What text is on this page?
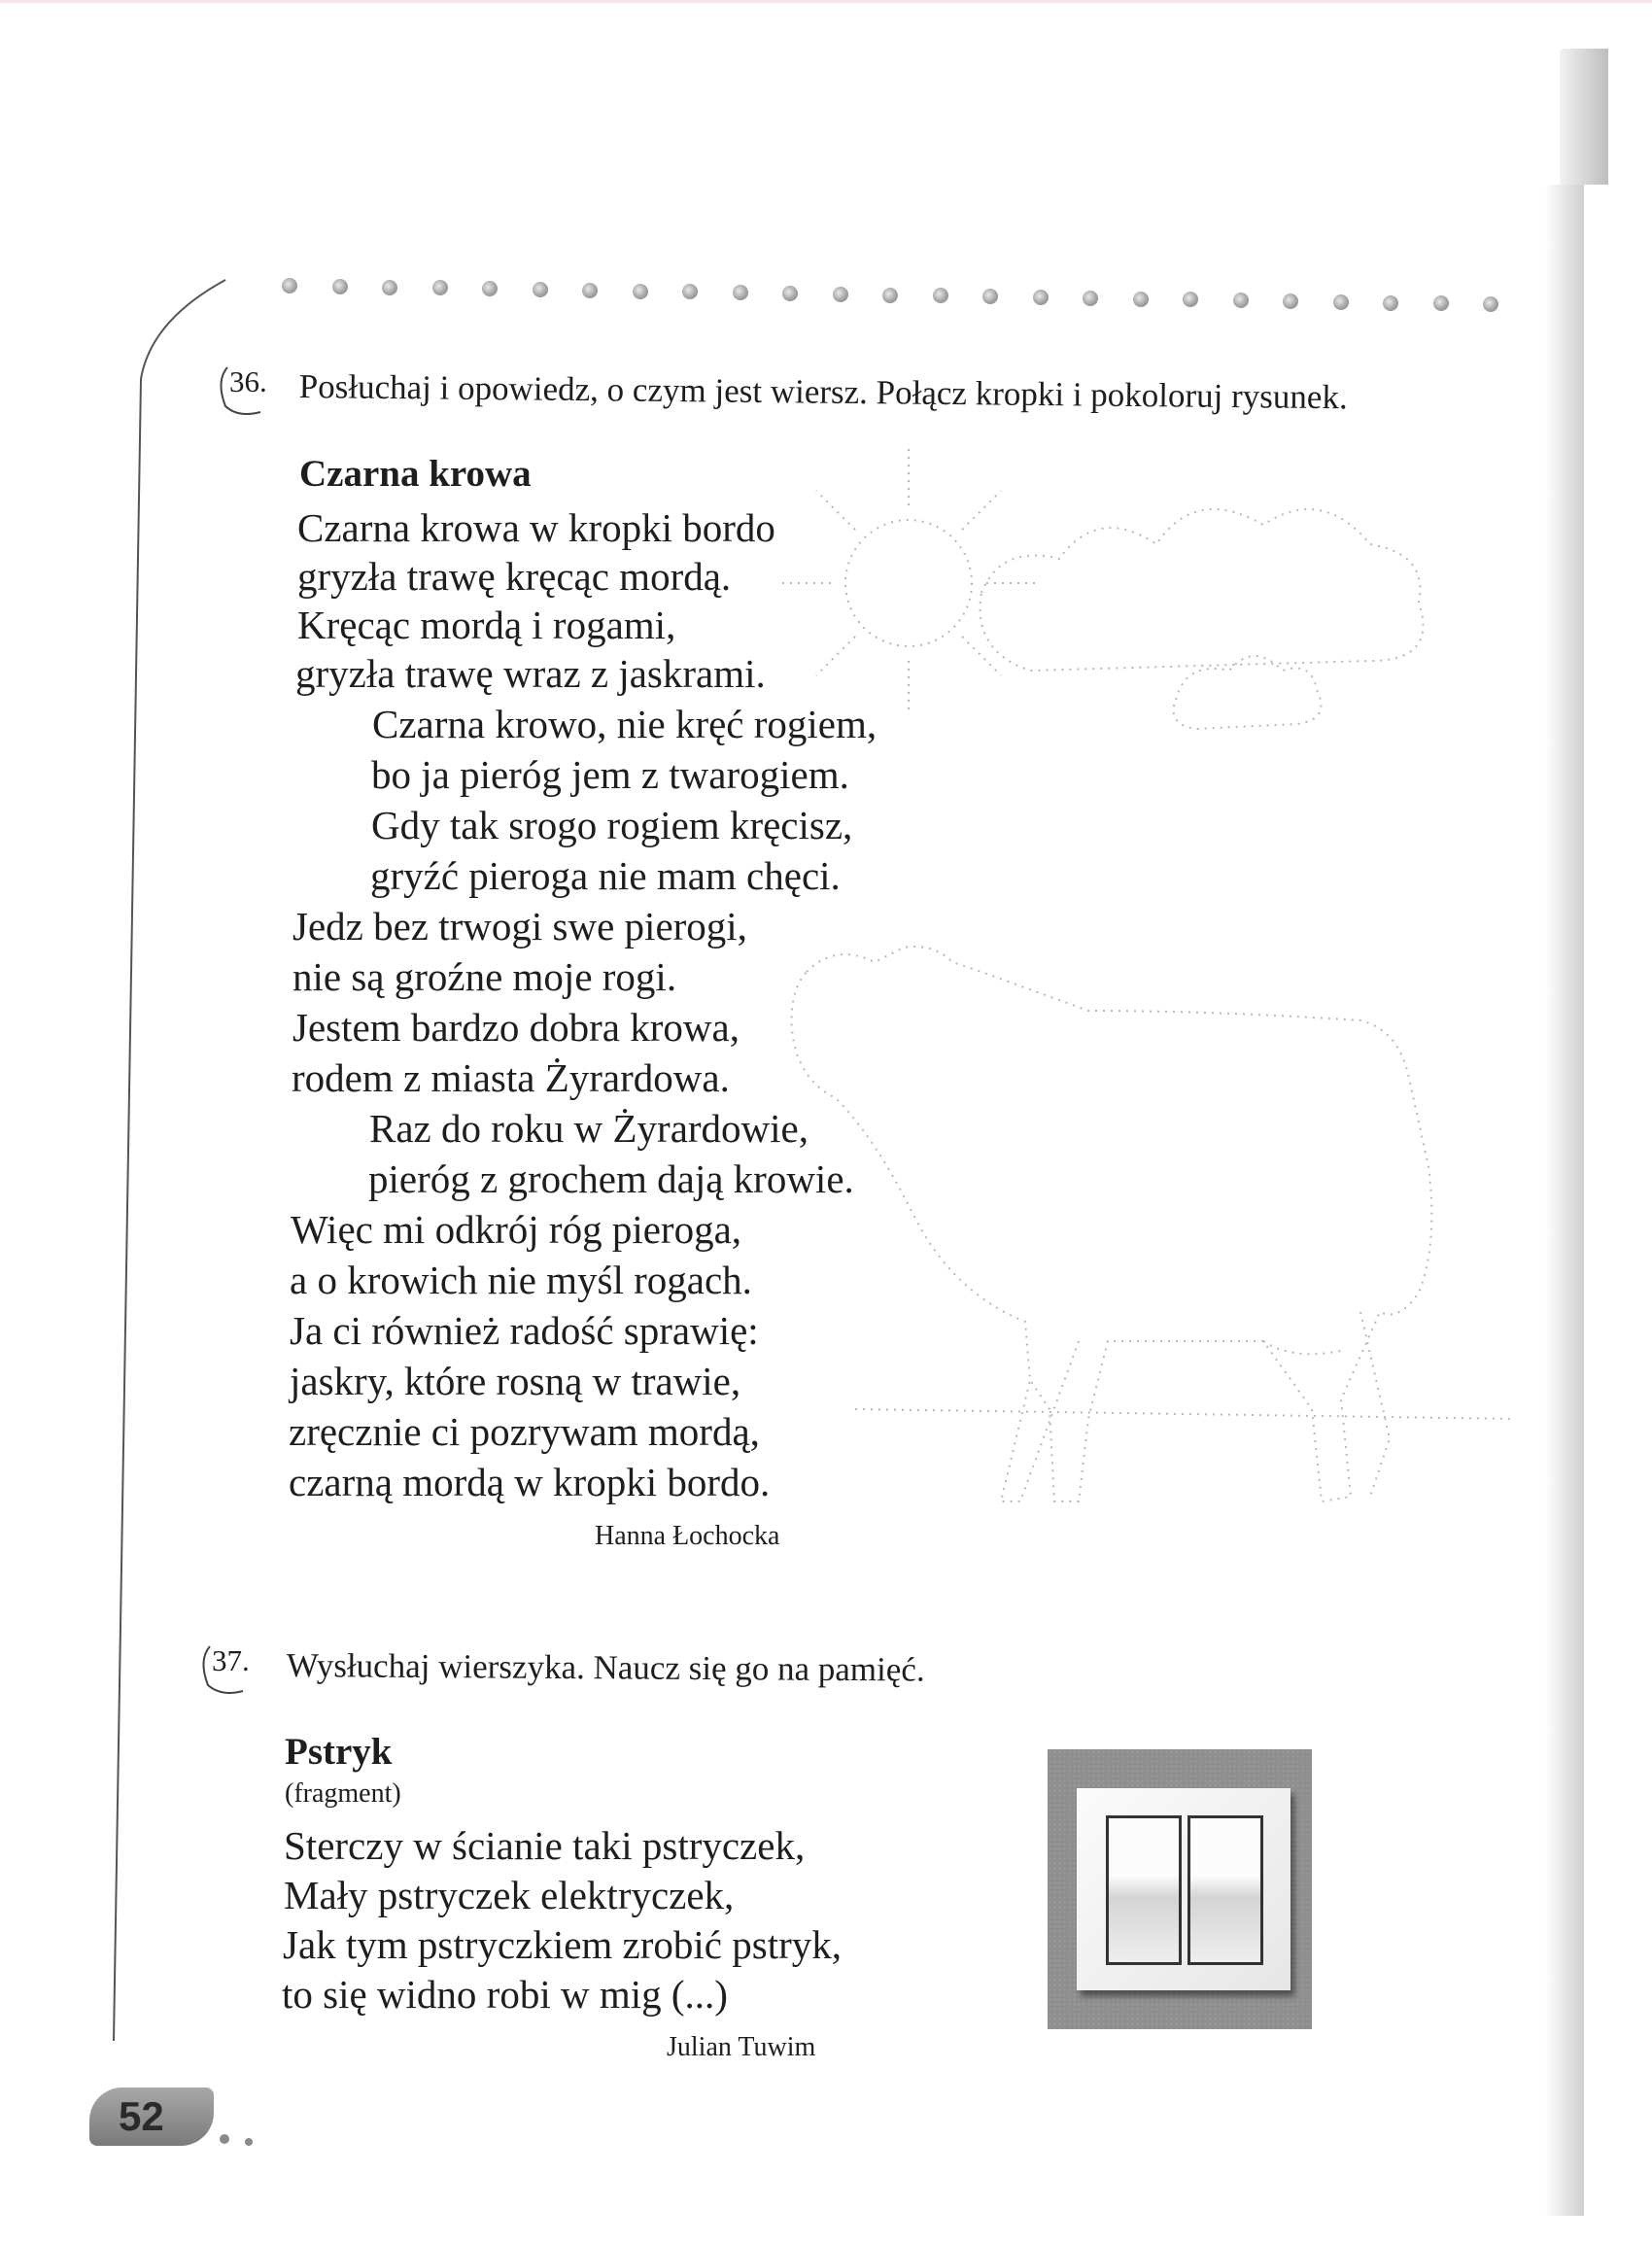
36. Posłuchaj i opowiedz, o czym jest wiersz. Połącz kropki i pokoloruj rysunek.
Czarna krowa
Czarna krowa w kropki bordo
gryzła trawę kręcąc mordą.
Kręcąc mordą i rogami,
gryzła trawę wraz z jaskrami.
Czarna krowo, nie kręć rogiem,
bo ja pieróg jem z twarogiem.
Gdy tak srogo rogiem kręcisz,
gryźć pieroga nie mam chęci.
Jedz bez trwogi swe pierogi,
nie są groźne moje rogi.
Jestem bardzo dobra krowa,
rodem z miasta Żyrardowa.
Raz do roku w Żyrardowie,
pieróg z grochem dają krowie.
Więc mi odkrój róg pieroga,
a o krowich nie myśl rogach.
Ja ci również radość sprawię:
jaskry, które rosną w trawie,
zręcznie ci pozrywam mordą,
czarną mordą w kropki bordo.
Hanna Łochocka
37. Wysłuchaj wierszyka. Naucz się go na pamięć.
Pstryk
(fragment)
Sterczy w ścianie taki pstryczek,
Mały pstryczek elektryczek,
Jak tym pstryczkiem zrobić pstryk,
to się widno robi w mig (...)
Julian Tuwim
52
